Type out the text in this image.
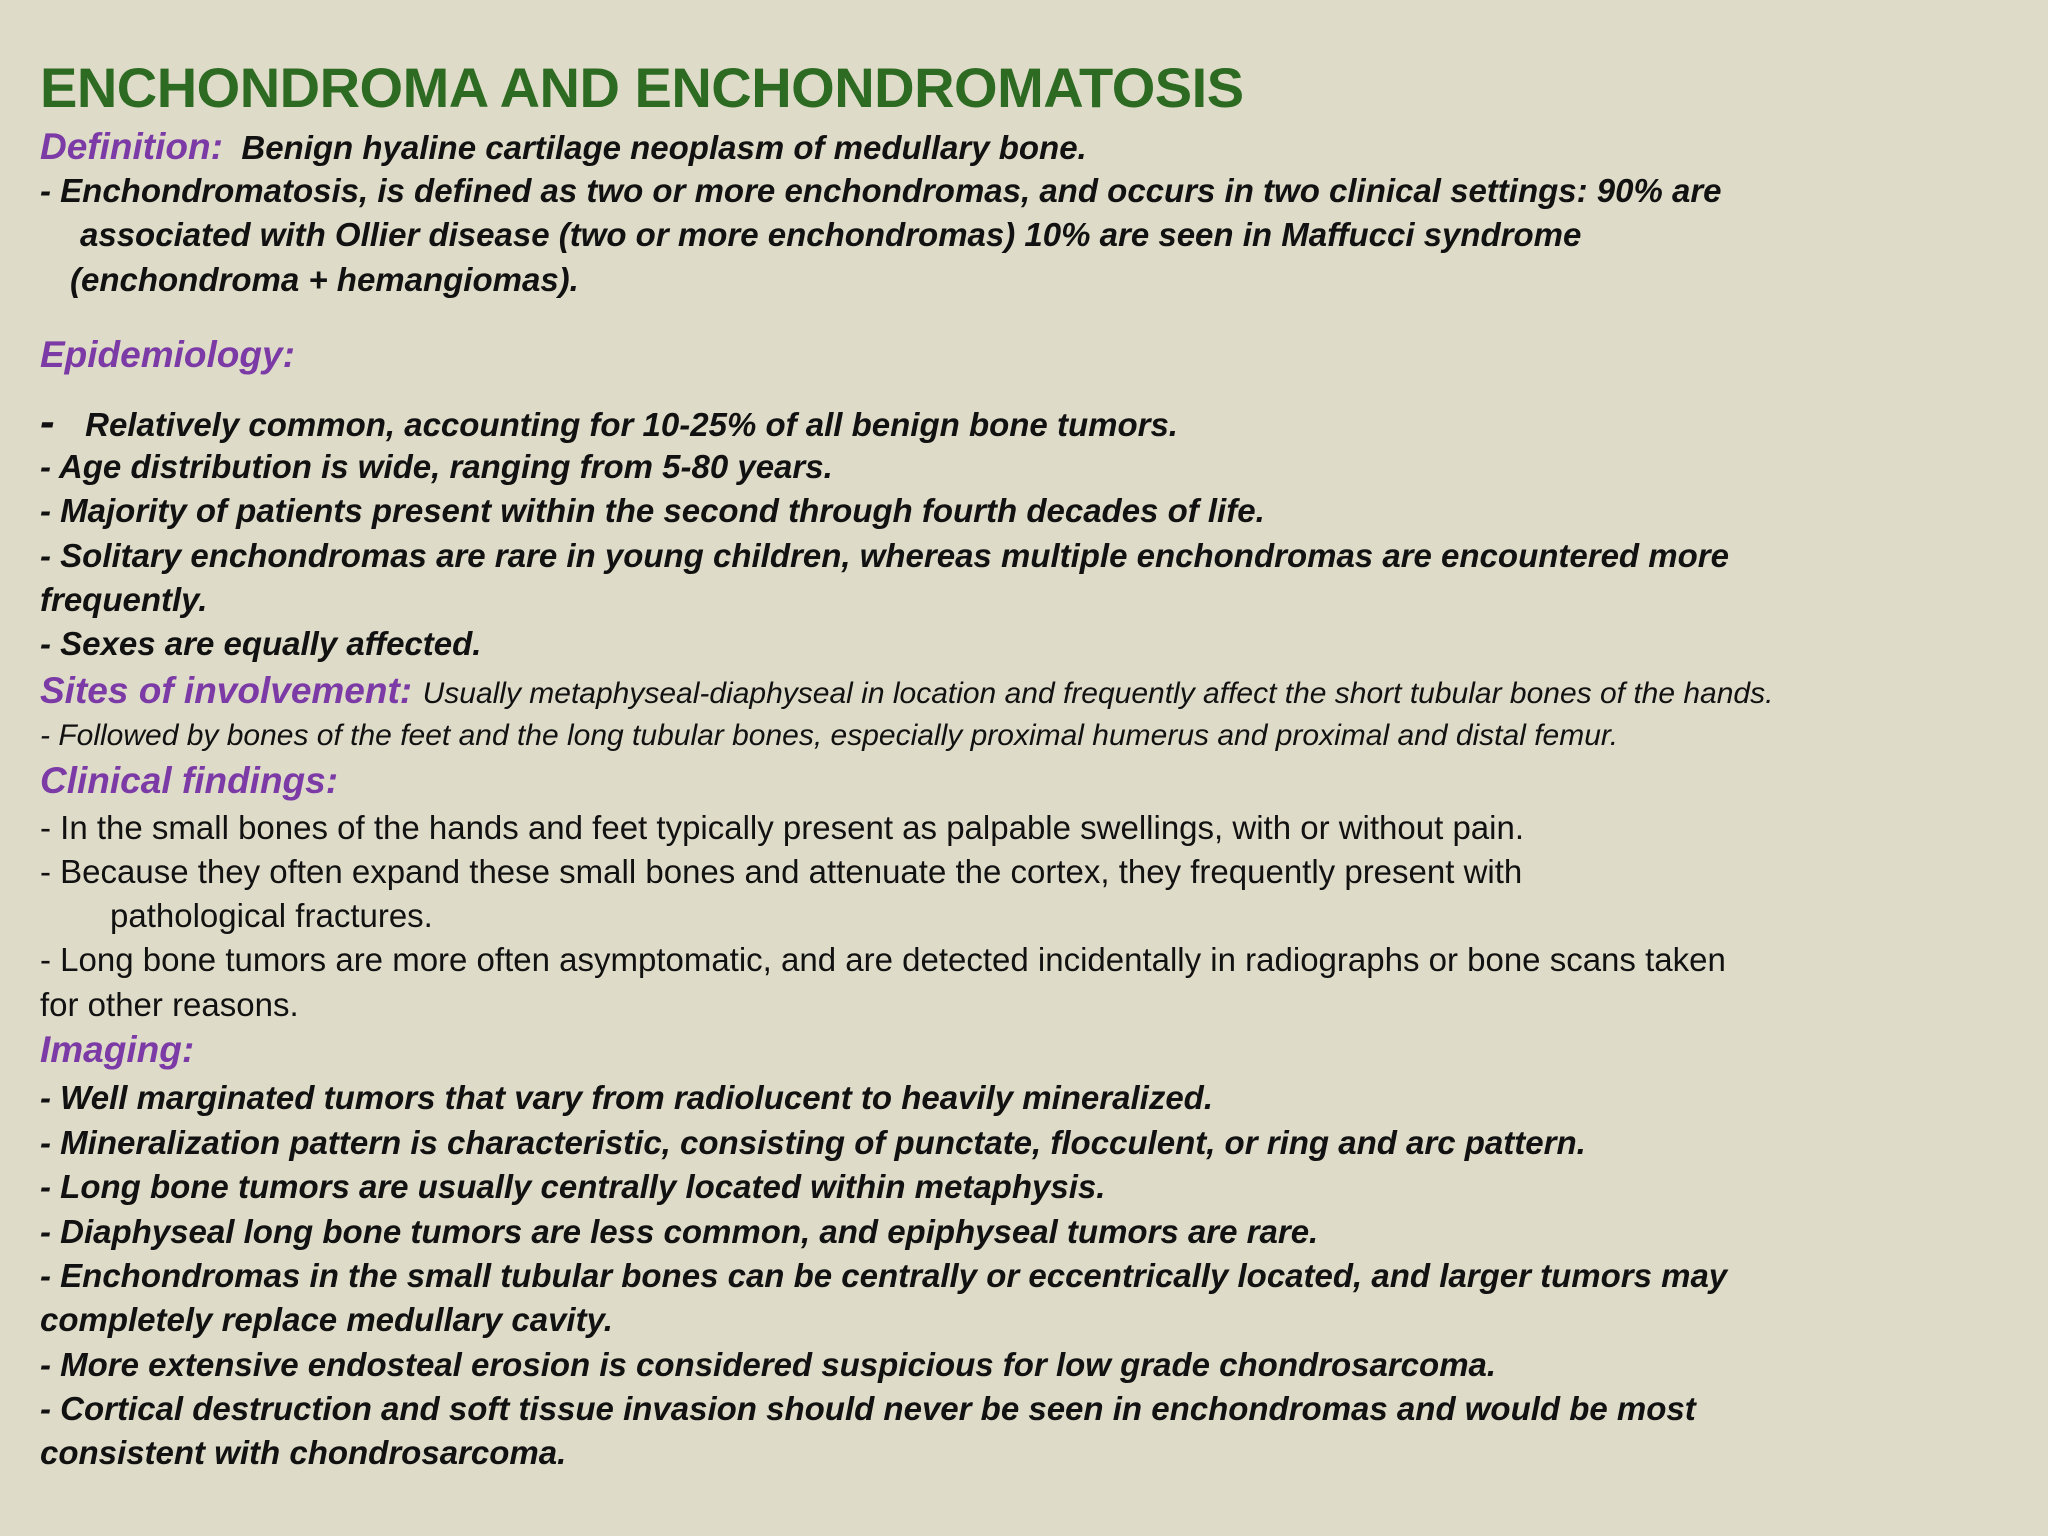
ENCHONDROMA AND ENCHONDROMATOSIS
Definition: Benign hyaline cartilage neoplasm of medullary bone.
- Enchondromatosis, is defined as two or more enchondromas, and occurs in two clinical settings: 90% are
associated with Ollier disease (two or more enchondromas) 10% are seen in Maffucci syndrome
(enchondroma + hemangiomas).
Epidemiology:
- Relatively common, accounting for 10-25% of all benign bone tumors.
- Age distribution is wide, ranging from 5-80 years.
- Majority of patients present within the second through fourth decades of life.
- Solitary enchondromas are rare in young children, whereas multiple enchondromas are encountered more
frequently.
- Sexes are equally affected.
Sites of involvement: Usually metaphyseal-diaphyseal in location and frequently affect the short tubular bones of the hands.
- Followed by bones of the feet and the long tubular bones, especially proximal humerus and proximal and distal femur.
Clinical findings:
- In the small bones of the hands and feet typically present as palpable swellings, with or without pain.
- Because they often expand these small bones and attenuate the cortex, they frequently present with
pathological fractures.
- Long bone tumors are more often asymptomatic, and are detected incidentally in radiographs or bone scans taken
for other reasons.
Imaging:
- Well marginated tumors that vary from radiolucent to heavily mineralized.
- Mineralization pattern is characteristic, consisting of punctate, flocculent, or ring and arc pattern.
- Long bone tumors are usually centrally located within metaphysis.
- Diaphyseal long bone tumors are less common, and epiphyseal tumors are rare.
- Enchondromas in the small tubular bones can be centrally or eccentrically located, and larger tumors may
completely replace medullary cavity.
- More extensive endosteal erosion is considered suspicious for low grade chondrosarcoma.
- Cortical destruction and soft tissue invasion should never be seen in enchondromas and would be most
consistent with chondrosarcoma.
